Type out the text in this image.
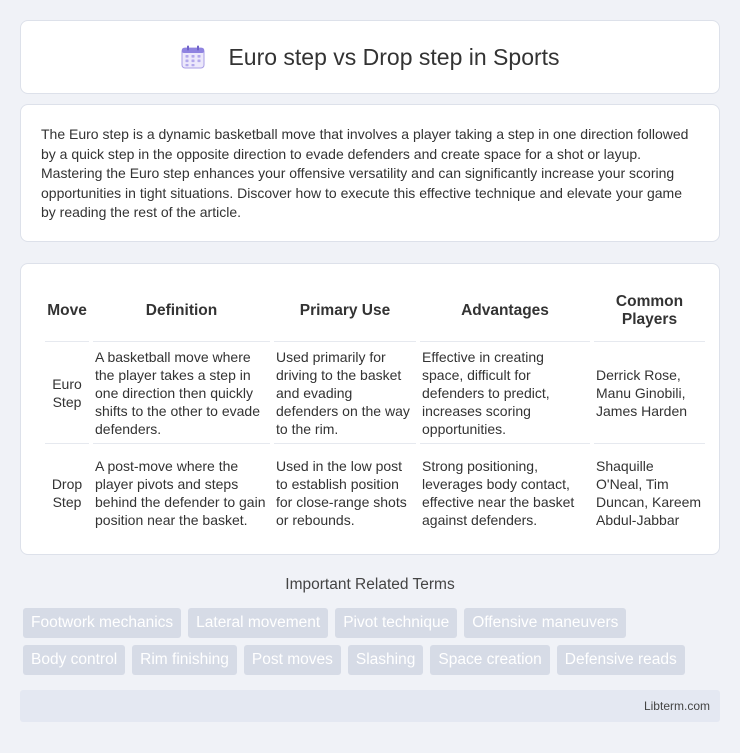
Euro step vs Drop step in Sports

The Euro step is a dynamic basketball move that involves a player taking a step in one direction followed by a quick step in the opposite direction to evade defenders and create space for a shot or layup. Mastering the Euro step enhances your offensive versatility and can significantly increase your scoring opportunities in tight situations. Discover how to execute this effective technique and elevate your game by reading the rest of the article.

Move	Definition	Primary Use	Advantages	Common Players
Euro Step	A basketball move where the player takes a step in one direction then quickly shifts to the other to evade defenders.	Used primarily for driving to the basket and evading defenders on the way to the rim.	Effective in creating space, difficult for defenders to predict, increases scoring opportunities.	Derrick Rose, Manu Ginobili, James Harden
Drop Step	A post-move where the player pivots and steps behind the defender to gain position near the basket.	Used in the low post to establish position for close-range shots or rebounds.	Strong positioning, leverages body contact, effective near the basket against defenders.	Shaquille O'Neal, Tim Duncan, Kareem Abdul-Jabbar
Important Related Terms
Footwork mechanics	Lateral movement	Pivot technique	Offensive maneuvers
Body control	Rim finishing	Post moves	Slashing	Space creation	Defensive reads
Libterm.com
